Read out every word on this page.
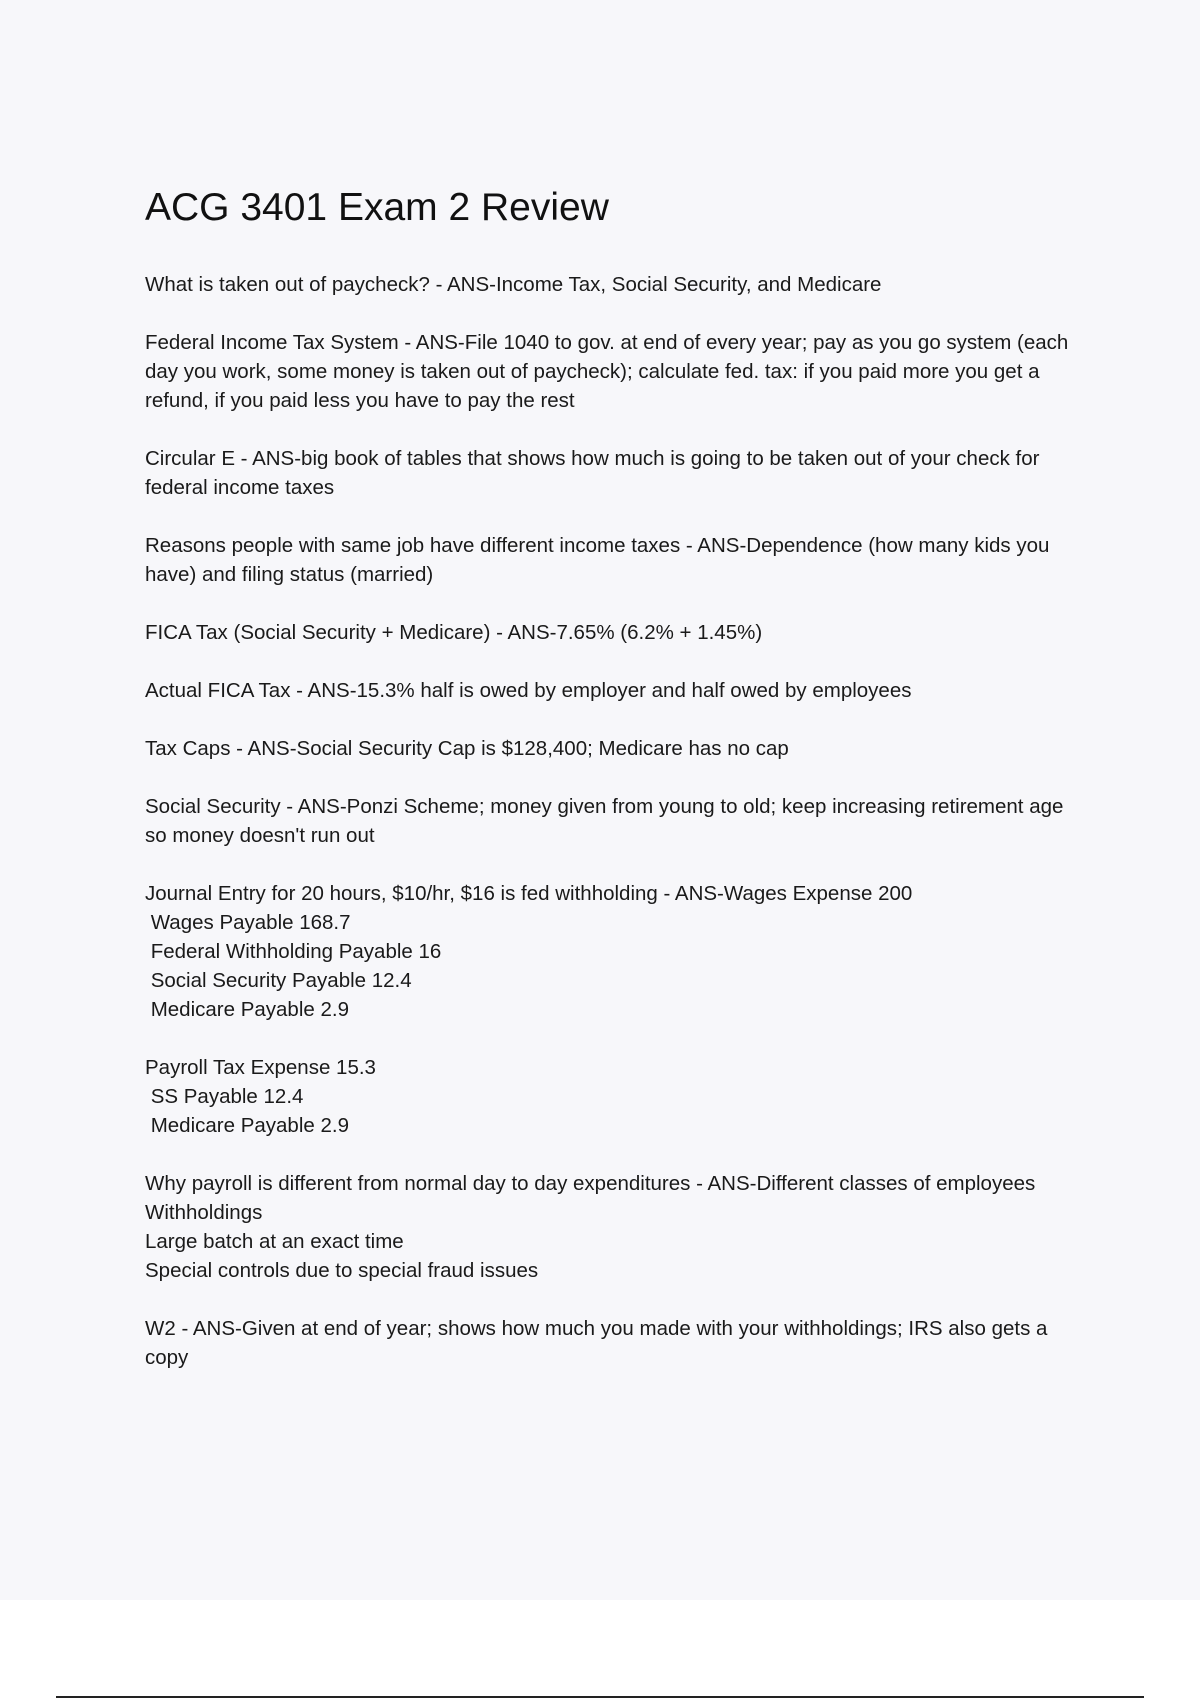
ACG 3401 Exam 2 Review
What is taken out of paycheck? - ANS-Income Tax, Social Security, and Medicare
Federal Income Tax System - ANS-File 1040 to gov. at end of every year; pay as you go system (each day you work, some money is taken out of paycheck); calculate fed. tax: if you paid more you get a refund, if you paid less you have to pay the rest
Circular E - ANS-big book of tables that shows how much is going to be taken out of your check for federal income taxes
Reasons people with same job have different income taxes - ANS-Dependence (how many kids you have) and filing status (married)
FICA Tax (Social Security + Medicare) - ANS-7.65% (6.2% + 1.45%)
Actual FICA Tax - ANS-15.3% half is owed by employer and half owed by employees
Tax Caps - ANS-Social Security Cap is $128,400; Medicare has no cap
Social Security - ANS-Ponzi Scheme; money given from young to old; keep increasing retirement age so money doesn't run out
Journal Entry for 20 hours, $10/hr, $16 is fed withholding - ANS-Wages Expense 200
Wages Payable 168.7
Federal Withholding Payable 16
Social Security Payable 12.4
Medicare Payable 2.9
Payroll Tax Expense 15.3
SS Payable 12.4
Medicare Payable 2.9
Why payroll is different from normal day to day expenditures - ANS-Different classes of employees
Withholdings
Large batch at an exact time
Special controls due to special fraud issues
W2 - ANS-Given at end of year; shows how much you made with your withholdings; IRS also gets a copy
